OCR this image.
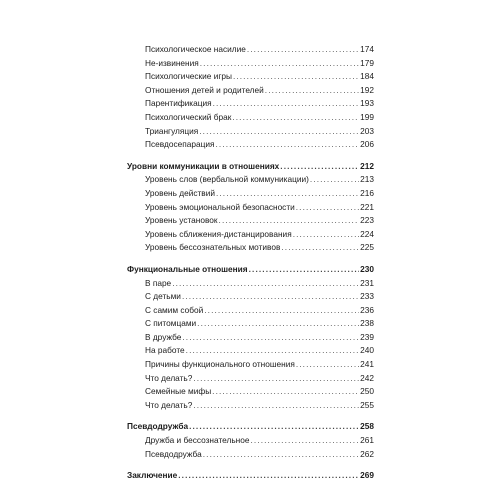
Психологическое насилие . . .	174
Не-извинения . . .	179
Психологические игры . . .	184
Отношения детей и родителей . . .	192
Парентификация . . .	193
Психологический брак . . .	199
Триангуляция . . .	203
Псевдосепарация . . .	206
Уровни коммуникации в отношениях . . .	212
Уровень слов (вербальной коммуникации) . . .	213
Уровень действий . . .	216
Уровень эмоциональной безопасности . . .	221
Уровень установок . . .	223
Уровень сближения-дистанцирования . . .	224
Уровень бессознательных мотивов . . .	225
Функциональные отношения . . .	230
В паре . . .	231
С детьми . . .	233
С самим собой . . .	236
С питомцами . . .	238
В дружбе . . .	239
На работе . . .	240
Причины функционального отношения . . .	241
Что делать? . . .	242
Семейные мифы . . .	250
Что делать? . . .	255
Псевдодружба . . .	258
Дружба и бессознательное . . .	261
Псевдодружба . . .	262
Заключение . . .	269
